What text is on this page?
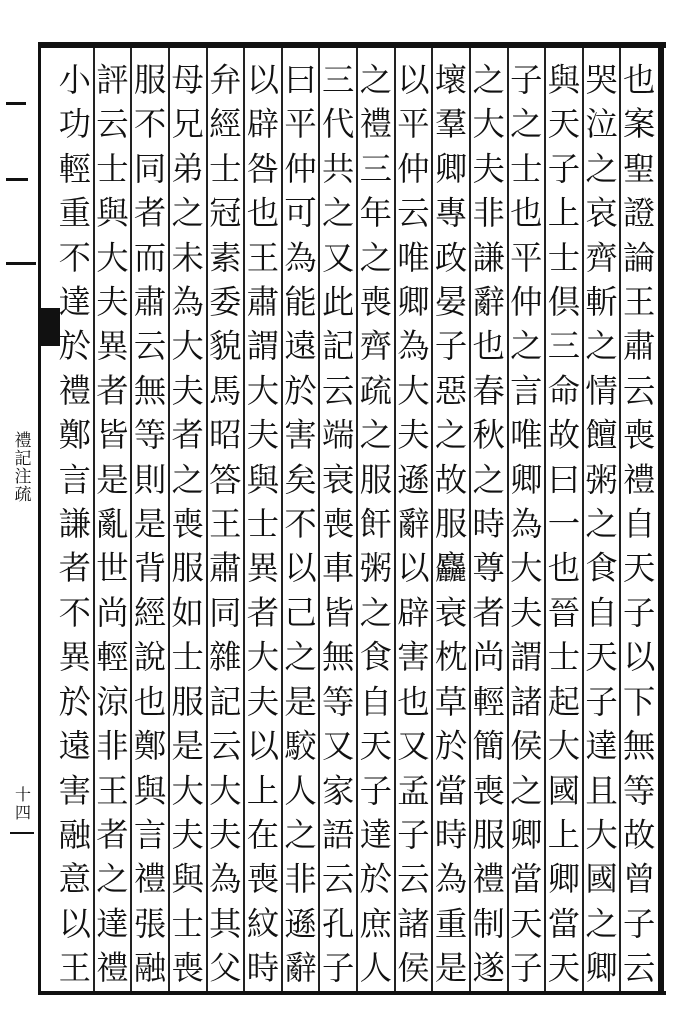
也
案
聖
證
論
王
肅
云
喪
禮
自
天
子
以
下
無
等
故
曾
子
云
哭
泣
之
哀
齊
斬
之
情
饘
粥
之
食
自
天
子
達
且
大
國
之
卿
與
天
子
上
士
倶
三
命
故
曰
一
也
晉
士
起
大
國
上
卿
當
天
子
之
士
也
平
仲
之
言
唯
卿
為
大
夫
謂
諸
侯
之
卿
當
天
子
之
大
夫
非
謙
辭
也
春
秋
之
時
尊
者
尚
輕
簡
喪
服
禮
制
遂
壞
羣
卿
專
政
晏
子
惡
之
故
服
麤
衰
枕
草
於
當
時
為
重
是
以
平
仲
云
唯
卿
為
大
夫
遜
辭
以
辟
害
也
又
孟
子
云
諸
侯
之
禮
三
年
之
喪
齊
疏
之
服
飦
粥
之
食
自
天
子
達
於
庶
人
三
代
共
之
又
此
記
云
端
衰
喪
車
皆
無
等
又
家
語
云
孔
子
曰
平
仲
可
為
能
遠
於
害
矣
不
以
己
之
是
駮
人
之
非
遜
辭
以
辟
咎
也
王
肅
謂
大
夫
與
士
異
者
大
夫
以
上
在
喪
紋
時
弁
經
士
冠
素
委
貌
馬
昭
答
王
肅
同
雜
記
云
大
夫
為
其
父
母
兄
弟
之
未
為
大
夫
者
之
喪
服
如
士
服
是
大
夫
與
士
喪
服
不
同
者
而
肅
云
無
等
則
是
背
經
說
也
鄭
與
言
禮
張
融
禮
記
注
疏
十
四
評
云
士
與
大
夫
異
者
皆
是
亂
世
尚
輕
涼
非
王
者
之
達
禮
小
功
輕
重
不
達
於
禮
鄭
言
謙
者
不
異
於
遠
害
融
意
以
王
